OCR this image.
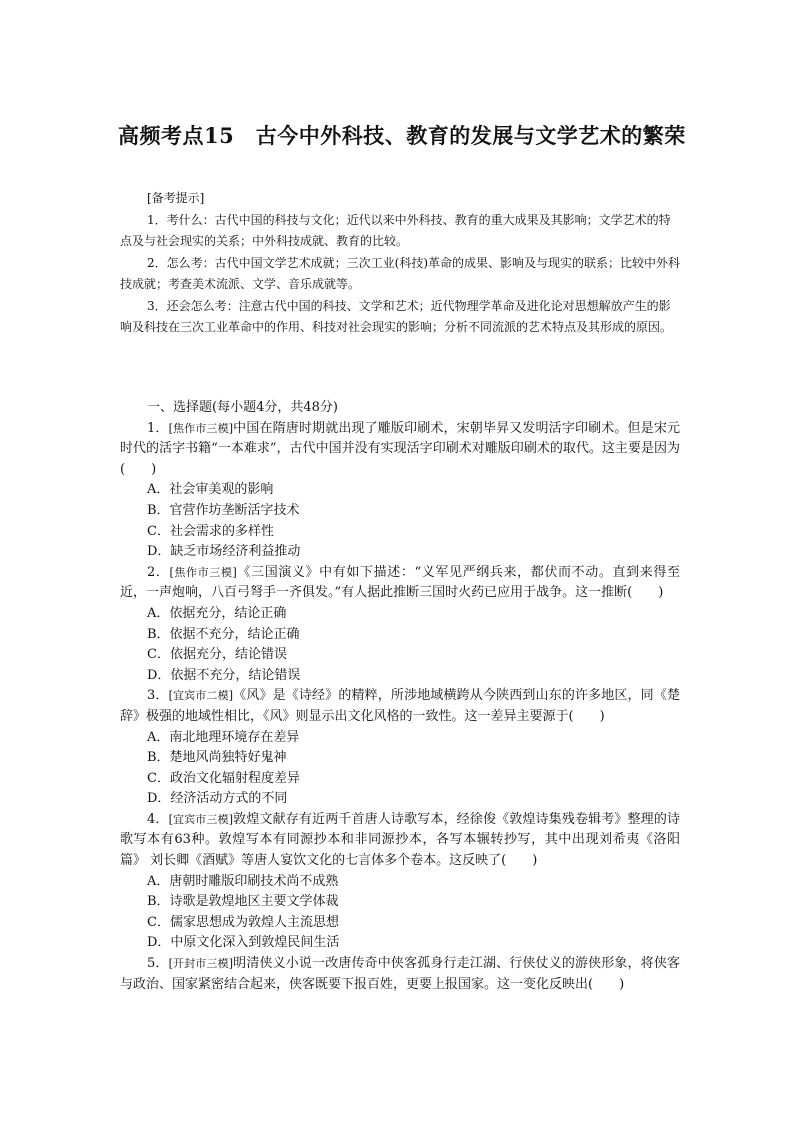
高频考点15　古今中外科技、教育的发展与文学艺术的繁荣

[备考提示]

1．考什么：古代中国的科技与文化；近代以来中外科技、教育的重大成果及其影响；文学艺术的特点及与社会现实的关系；中外科技成就、教育的比较。

2．怎么考：古代中国文学艺术成就；三次工业(科技)革命的成果、影响及与现实的联系；比较中外科技成就；考查美术流派、文学、音乐成就等。

3．还会怎么考：注意古代中国的科技、文学和艺术；近代物理学革命及进化论对思想解放产生的影响及科技在三次工业革命中的作用、科技对社会现实的影响；分析不同流派的艺术特点及其形成的原因。

一、选择题(每小题4分，共48分)

1．[焦作市三模]中国在隋唐时期就出现了雕版印刷术，宋朝毕昇又发明活字印刷术。但是宋元时代的活字书籍“一本难求”，古代中国并没有实现活字印刷术对雕版印刷术的取代。这主要是因为(　　)

A．社会审美观的影响

B．官营作坊垄断活字技术

C．社会需求的多样性

D．缺乏市场经济利益推动

2．[焦作市三模]《三国演义》中有如下描述：“义军见严纲兵来，都伏而不动。直到来得至近，一声炮响，八百弓弩手一齐俱发。”有人据此推断三国时火药已应用于战争。这一推断(　　)

A．依据充分，结论正确

B．依据不充分，结论正确

C．依据充分，结论错误

D．依据不充分，结论错误

3．[宜宾市二模]《风》是《诗经》的精粹，所涉地域横跨从今陕西到山东的许多地区，同《楚辞》极强的地域性相比，《风》则显示出文化风格的一致性。这一差异主要源于(　　)

A．南北地理环境存在差异

B．楚地风尚独特好鬼神

C．政治文化辐射程度差异

D．经济活动方式的不同

4．[宜宾市三模]敦煌文献存有近两千首唐人诗歌写本，经徐俊《敦煌诗集残卷辑考》整理的诗歌写本有63种。敦煌写本有同源抄本和非同源抄本，各写本辗转抄写，其中出现刘希夷《洛阳篇》 刘长卿《酒赋》等唐人宴饮文化的七言体多个卷本。这反映了(　　)

A．唐朝时雕版印刷技术尚不成熟

B．诗歌是敦煌地区主要文学体裁

C．儒家思想成为敦煌人主流思想

D．中原文化深入到敦煌民间生活

5．[开封市三模]明清侠义小说一改唐传奇中侠客孤身行走江湖、行侠仗义的游侠形象，将侠客与政治、国家紧密结合起来，侠客既要下报百姓，更要上报国家。这一变化反映出(　　)
